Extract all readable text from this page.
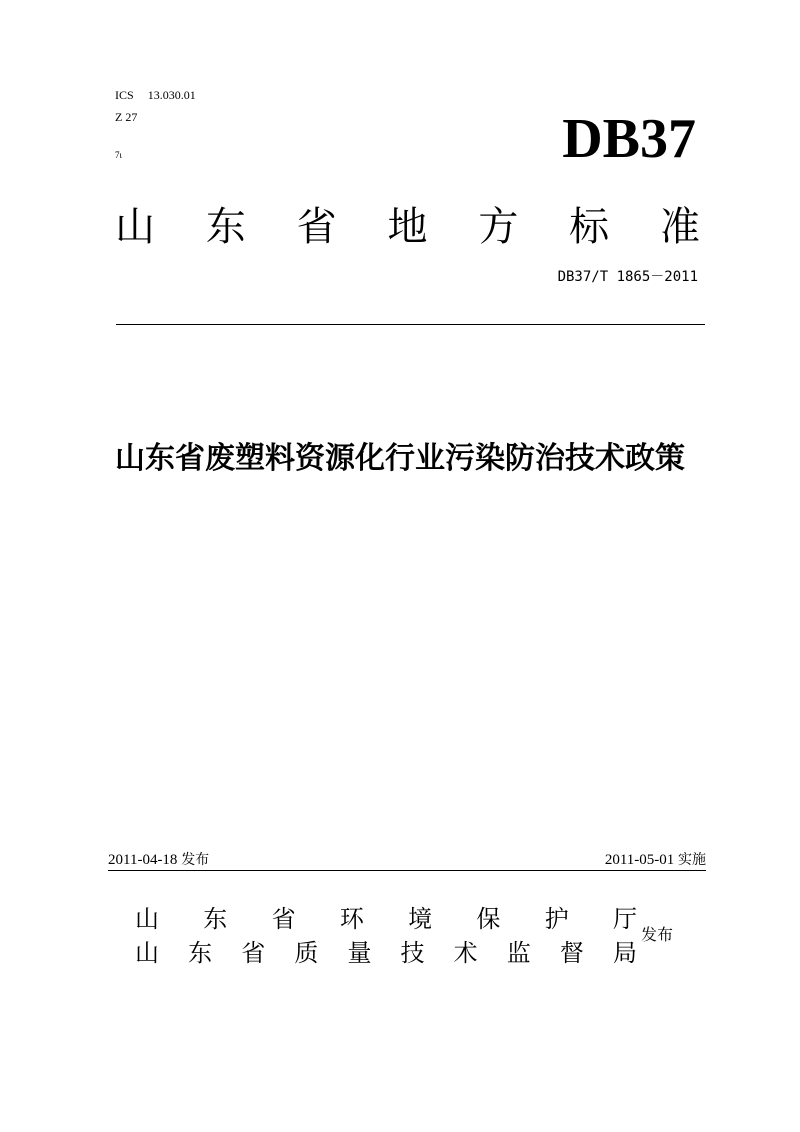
ICS 13.030.01
Z 27
7ι	DB37
山 东 省 地 方 标 准
DB37/T 1865－2011
山东省废塑料资源化行业污染防治技术政策
2011-04-18 发布	2011-05-01 实施
山 东 省 环 境 保 护 厅
山 东 省 质 量 技 术 监 督 局
发布
